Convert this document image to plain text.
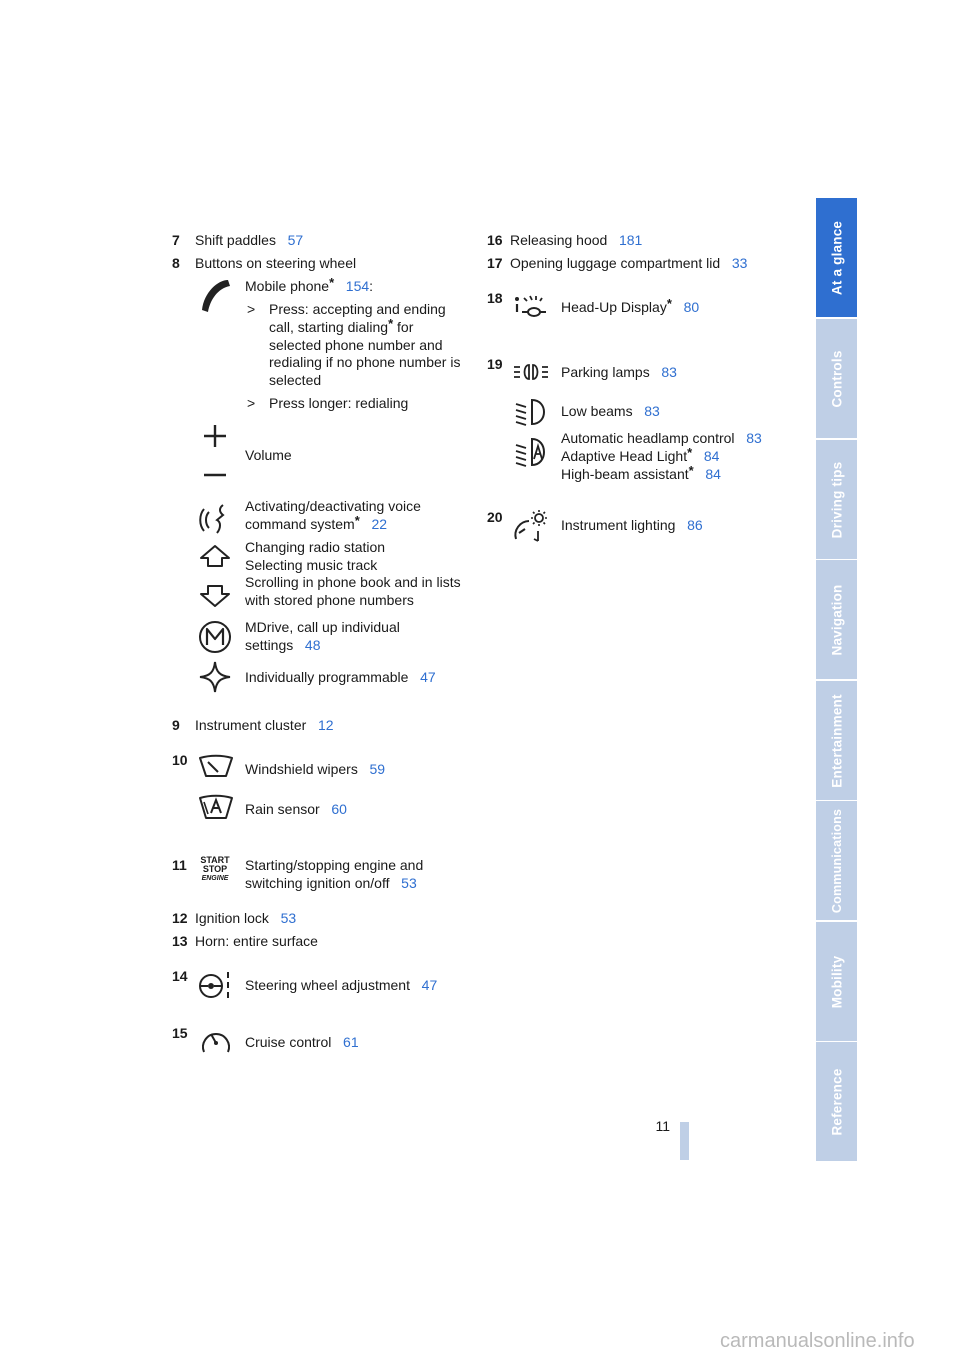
7 Shift paddles 57
8 Buttons on steering wheel
Mobile phone* 154:
> Press: accepting and ending
call, starting dialing* for
selected phone number and
redialing if no phone number is
selected
> Press longer: redialing
Volume
Activating/deactivating voice
command system* 22
Changing radio station
Selecting music track
Scrolling in phone book and in lists
with stored phone numbers
MDrive, call up individual
settings 48
Individually programmable 47
9 Instrument cluster 12
10
Windshield wipers 59
Rain sensor 60
11 START
STOP
ENGINE
Starting/stopping engine and
switching ignition on/off 53
12 Ignition lock 53
13 Horn: entire surface
14
Steering wheel adjustment 47
15
Cruise control 61
16 Releasing hood 181
17 Opening luggage compartment lid 33
18
Head-Up Display* 80
19	Parking lamps 83
Low beams 83
Automatic headlamp control 83
Adaptive Head Light* 84
High-beam assistant* 84
20	Instrument lighting 86
At a glance
Controls
Driving tips
Navigation
Entertainment
Communications
Mobility
Reference
11
carmanualsonline.info
